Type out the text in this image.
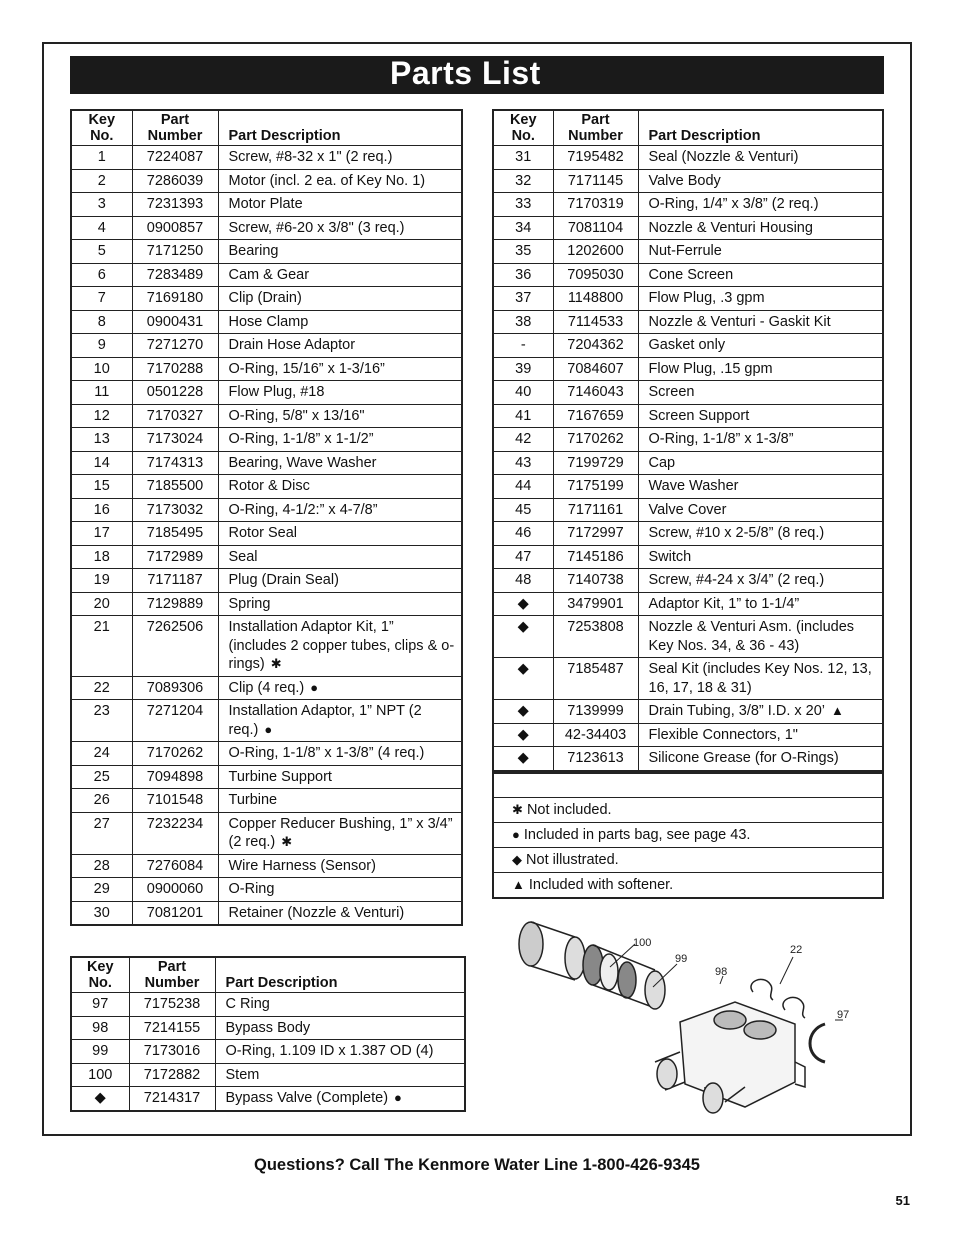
Parts List
Key No.	Part Number	Part Description
1	7224087	Screw, #8-32 x 1" (2 req.)
2	7286039	Motor (incl. 2 ea. of Key No. 1)
3	7231393	Motor Plate
4	0900857	Screw, #6-20 x 3/8" (3 req.)
5	7171250	Bearing
6	7283489	Cam & Gear
7	7169180	Clip (Drain)
8	0900431	Hose Clamp
9	7271270	Drain Hose Adaptor
10	7170288	O-Ring, 15/16” x 1-3/16”
11	0501228	Flow Plug, #18
12	7170327	O-Ring, 5/8" x 13/16"
13	7173024	O-Ring, 1-1/8” x 1-1/2”
14	7174313	Bearing, Wave Washer
15	7185500	Rotor & Disc
16	7173032	O-Ring, 4-1/2:” x 4-7/8”
17	7185495	Rotor Seal
18	7172989	Seal
19	7171187	Plug (Drain Seal)
20	7129889	Spring
21	7262506	Installation Adaptor Kit, 1” (includes 2 copper tubes, clips & o-rings) ✱
22	7089306	Clip (4 req.) ●
23	7271204	Installation Adaptor, 1” NPT (2 req.) ●
24	7170262	O-Ring, 1-1/8” x 1-3/8” (4 req.)
25	7094898	Turbine Support
26	7101548	Turbine
27	7232234	Copper Reducer Bushing, 1” x 3/4” (2 req.) ✱
28	7276084	Wire Harness (Sensor)
29	0900060	O-Ring
30	7081201	Retainer (Nozzle & Venturi)
Key No.	Part Number	Part Description
31	7195482	Seal (Nozzle & Venturi)
32	7171145	Valve Body
33	7170319	O-Ring, 1/4” x 3/8” (2 req.)
34	7081104	Nozzle & Venturi Housing
35	1202600	Nut-Ferrule
36	7095030	Cone Screen
37	1148800	Flow Plug, .3 gpm
38	7114533	Nozzle & Venturi - Gaskit Kit
-	7204362	Gasket only
39	7084607	Flow Plug, .15 gpm
40	7146043	Screen
41	7167659	Screen Support
42	7170262	O-Ring, 1-1/8” x 1-3/8”
43	7199729	Cap
44	7175199	Wave Washer
45	7171161	Valve Cover
46	7172997	Screw, #10 x 2-5/8” (8 req.)
47	7145186	Switch
48	7140738	Screw, #4-24 x 3/4” (2 req.)
◆	3479901	Adaptor Kit, 1” to 1-1/4”
◆	7253808	Nozzle & Venturi Asm. (includes Key Nos. 34, & 36 - 43)
◆	7185487	Seal Kit (includes Key Nos. 12, 13, 16, 17, 18 & 31)
◆	7139999	Drain Tubing, 3/8” I.D. x 20’ ▲
◆	42-34403	Flexible Connectors, 1"
◆	7123613	Silicone Grease (for O-Rings)

✱ Not included.
● Included in parts bag, see page 43.
◆ Not illustrated.
▲ Included with softener.
Key No.	Part Number	Part Description
97	7175238	C Ring
98	7214155	Bypass Body
99	7173016	O-Ring, 1.109 ID x 1.387 OD (4)
100	7172882	Stem
◆	7214317	Bypass Valve (Complete) ●
100
99
98
22
97
Questions? Call The Kenmore Water Line 1-800-426-9345
51
